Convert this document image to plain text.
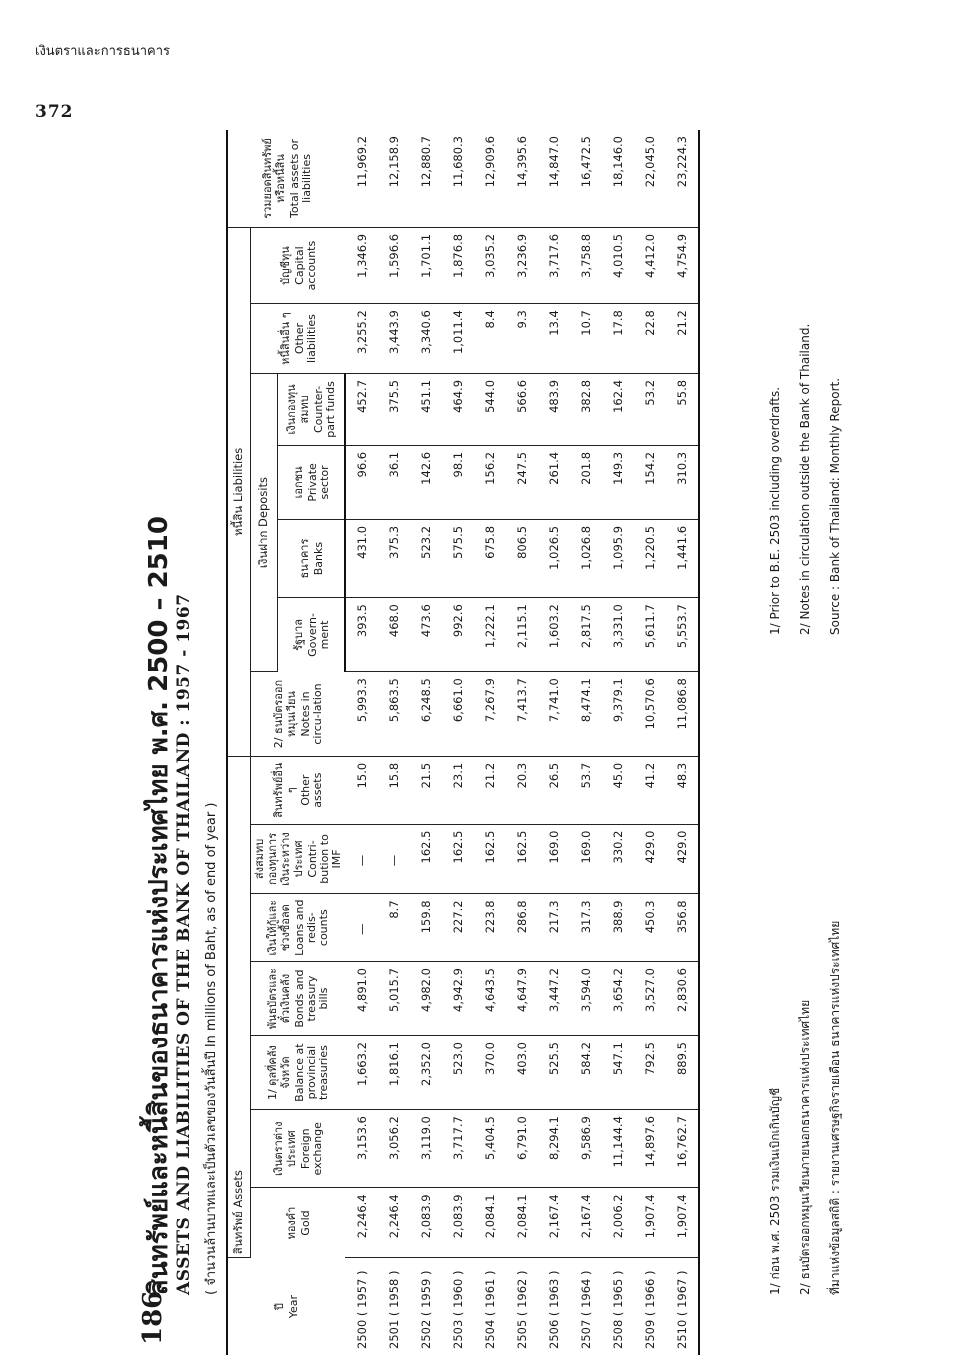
เงินตราและการธนาคาร
372
186.
สินทรัพย์และหนี้สินของธนาคารแห่งประเทศไทย พ.ศ. 2500 – 2510 ASSETS AND LIABILITIES OF THE BANK OF THAILAND : 1957 - 1967 ( จำนวนล้านบาทและเป็นตัวเลขของวันสิ้นปี In millions of Baht, as of end of year )
ปี Year	สินทรัพย์ Assets							หนี้สิน Liabilities							รวมยอดสินทรัพย์หรือหนี้สิน Total assets or liabilities

	ทองคำ Gold	เงินตราต่างประเทศ Foreign exchange	1/ ดุลที่คลังจังหวัด Balance at provincial treasuries	พันธบัตรและตั๋วเงินคลัง Bonds and treasury bills	เงินให้กู้และช่วงซื้อลด Loans and redis-counts	ส่งสมทบกองทุนการเงินระหว่างประเทศ Contri-bution to IMF	สินทรัพย์อื่น ๆ Other assets	2/ ธนบัตรออกหมุนเวียน Notes in circu-lation	เงินฝาก Deposits				หนี้สินอื่น ๆ Other liabilities	บัญชีทุน Capital accounts	

									รัฐบาล Govern-ment	ธนาคาร Banks	เอกชน Private sector	เงินกองทุนสมทบ Counter-part funds			

2500 ( 1957 )	2,246.4	3,153.6	1,663.2	4,891.0	—	—	15.0	5,993.3	393.5	431.0	96.6	452.7	3,255.2	1,346.9	11,969.2
2501 ( 1958 )	2,246.4	3,056.2	1,816.1	5,015.7	8.7	—	15.8	5,863.5	468.0	375.3	36.1	375.5	3,443.9	1,596.6	12,158.9
2502 ( 1959 )	2,083.9	3,119.0	2,352.0	4,982.0	159.8	162.5	21.5	6,248.5	473.6	523.2	142.6	451.1	3,340.6	1,701.1	12,880.7
2503 ( 1960 )	2,083.9	3,717.7	523.0	4,942.9	227.2	162.5	23.1	6,661.0	992.6	575.5	98.1	464.9	1,011.4	1,876.8	11,680.3
2504 ( 1961 )	2,084.1	5,404.5	370.0	4,643.5	223.8	162.5	21.2	7,267.9	1,222.1	675.8	156.2	544.0	8.4	3,035.2	12,909.6
2505 ( 1962 )	2,084.1	6,791.0	403.0	4,647.9	286.8	162.5	20.3	7,413.7	2,115.1	806.5	247.5	566.6	9.3	3,236.9	14,395.6
2506 ( 1963 )	2,167.4	8,294.1	525.5	3,447.2	217.3	169.0	26.5	7,741.0	1,603.2	1,026.5	261.4	483.9	13.4	3,717.6	14,847.0
2507 ( 1964 )	2,167.4	9,586.9	584.2	3,594.0	317.3	169.0	53.7	8,474.1	2,817.5	1,026.8	201.8	382.8	10.7	3,758.8	16,472.5
2508 ( 1965 )	2,006.2	11,144.4	547.1	3,654.2	388.9	330.2	45.0	9,379.1	3,331.0	1,095.9	149.3	162.4	17.8	4,010.5	18,146.0
2509 ( 1966 )	1,907.4	14,897.6	792.5	3,527.0	450.3	429.0	41.2	10,570.6	5,611.7	1,220.5	154.2	53.2	22.8	4,412.0	22,045.0
2510 ( 1967 )	1,907.4	16,762.7	889.5	2,830.6	356.8	429.0	48.3	11,086.8	5,553.7	1,441.6	310.3	55.8	21.2	4,754.9	23,224.3
1/ ก่อน พ.ศ. 2503 รวมเงินเบิกเกินบัญชี	2/ ธนบัตรออกหมุนเวียนภายนอกธนาคารแห่งประเทศไทย	ที่มาแห่งข้อมูลสถิติ : รายงานเศรษฐกิจรายเดือน ธนาคารแห่งประเทศไทย
1/ Prior to B.E. 2503 including overdrafts.	2/ Notes in circulation outside the Bank of Thailand.	Source : Bank of Thailand: Monthly Report.
